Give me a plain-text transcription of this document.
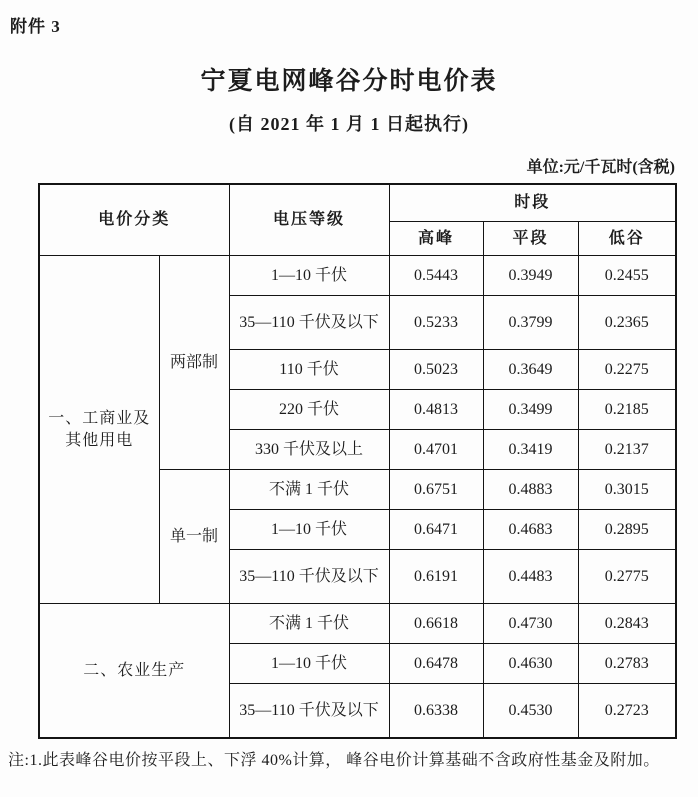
附件 3
宁夏电网峰谷分时电价表
(自 2021 年 1 月 1 日起执行)
单位:元/千瓦时(含税)
电价分类		电压等级	时段		
			高峰	平段	低谷
一、工商业及其他用电	两部制	1—10 千伏	0.5443	0.3949	0.2455
		35—110 千伏及以下	0.5233	0.3799	0.2365
		110 千伏	0.5023	0.3649	0.2275
		220 千伏	0.4813	0.3499	0.2185
		330 千伏及以上	0.4701	0.3419	0.2137
	单一制	不满 1 千伏	0.6751	0.4883	0.3015
		1—10 千伏	0.6471	0.4683	0.2895
		35—110 千伏及以下	0.6191	0.4483	0.2775
二、农业生产		不满 1 千伏	0.6618	0.4730	0.2843
		1—10 千伏	0.6478	0.4630	0.2783
		35—110 千伏及以下	0.6338	0.4530	0.2723
注:1.此表峰谷电价按平段上、下浮 40%计算， 峰谷电价计算基础不含政府性基金及附加。
